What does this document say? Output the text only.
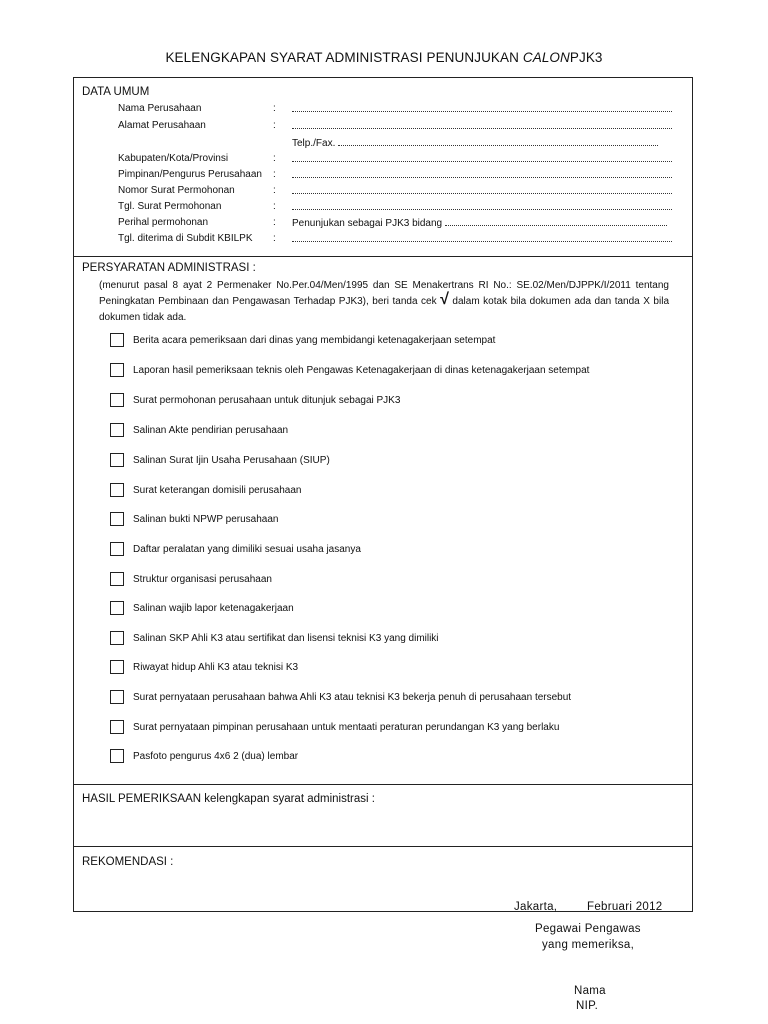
KELENGKAPAN SYARAT ADMINISTRASI PENUNJUKAN CALONPJK3
DATA UMUM
Nama Perusahaan	:
Alamat Perusahaan	:
Telp./Fax.
Kabupaten/Kota/Provinsi	:
Pimpinan/Pengurus Perusahaan :
Nomor Surat Permohonan	:
Tgl. Surat Permohonan	:
Perihal permohonan	: Penunjukan sebagai PJK3 bidang
Tgl. diterima di Subdit KBILPK :
PERSYARATAN ADMINISTRASI :
(menurut pasal 8 ayat 2 Permenaker No.Per.04/Men/1995 dan SE Menakertrans RI No.: SE.02/Men/DJPPK/I/2011 tentang Peningkatan Pembinaan dan Pengawasan Terhadap PJK3), beri tanda cek √ dalam kotak bila dokumen ada dan tanda X bila dokumen tidak ada.
Berita acara pemeriksaan dari dinas yang membidangi ketenagakerjaan setempat
Laporan hasil pemeriksaan teknis oleh Pengawas Ketenagakerjaan di dinas ketenagakerjaan setempat
Surat permohonan perusahaan untuk ditunjuk sebagai PJK3
Salinan Akte pendirian perusahaan
Salinan Surat Ijin Usaha Perusahaan (SIUP)
Surat keterangan domisili perusahaan
Salinan bukti NPWP perusahaan
Daftar peralatan yang dimiliki sesuai usaha jasanya
Struktur organisasi perusahaan
Salinan wajib lapor ketenagakerjaan
Salinan SKP Ahli K3 atau sertifikat dan lisensi teknisi K3 yang dimiliki
Riwayat hidup Ahli K3 atau teknisi K3
Surat pernyataan perusahaan bahwa Ahli K3 atau teknisi K3 bekerja penuh di perusahaan tersebut
Surat pernyataan pimpinan perusahaan untuk mentaati peraturan perundangan K3 yang berlaku
Pasfoto pengurus 4x6 2 (dua) lembar
HASIL PEMERIKSAAN kelengkapan syarat administrasi :
REKOMENDASI :
Jakarta,	Februari 2012
Pegawai Pengawas
yang memeriksa,
Nama
NIP.
